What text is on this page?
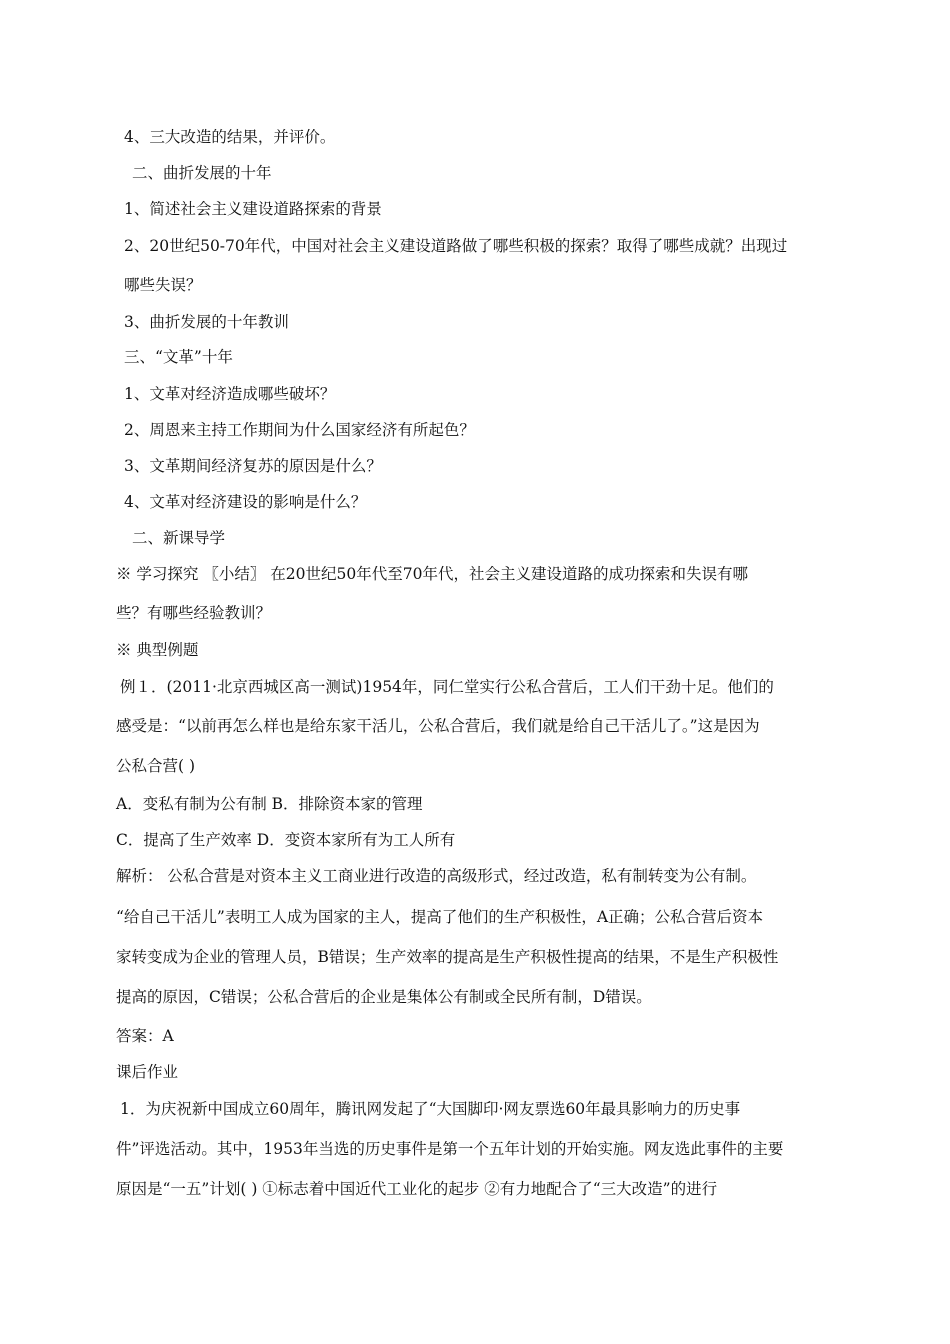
4、三大改造的结果，并评价。
二、曲折发展的十年
1、简述社会主义建设道路探索的背景
2、20世纪50-70年代，中国对社会主义建设道路做了哪些积极的探索？取得了哪些成就？出现过
哪些失误？
3、曲折发展的十年教训
三、“文革”十年
1、文革对经济造成哪些破坏？
2、周恩来主持工作期间为什么国家经济有所起色？
3、文革期间经济复苏的原因是什么？
4、文革对经济建设的影响是什么？
二、新课导学
※ 学习探究 〖小结〗 在20世纪50年代至70年代，社会主义建设道路的成功探索和失误有哪
些？有哪些经验教训？
※ 典型例题
例１．(2011·北京西城区高一测试)1954年，同仁堂实行公私合营后，工人们干劲十足。他们的
感受是：“以前再怎么样也是给东家干活儿，公私合营后，我们就是给自己干活儿了。”这是因为
公私合营( )
A．变私有制为公有制 B．排除资本家的管理
C．提高了生产效率 D．变资本家所有为工人所有
解析： 公私合营是对资本主义工商业进行改造的高级形式，经过改造，私有制转变为公有制。
“给自己干活儿”表明工人成为国家的主人，提高了他们的生产积极性，A正确；公私合营后资本
家转变成为企业的管理人员，B错误；生产效率的提高是生产积极性提高的结果，不是生产积极性
提高的原因，C错误；公私合营后的企业是集体公有制或全民所有制，D错误。
答案：A
课后作业
1．为庆祝新中国成立60周年，腾讯网发起了“大国脚印·网友票选60年最具影响力的历史事
件”评选活动。其中，1953年当选的历史事件是第一个五年计划的开始实施。网友选此事件的主要
原因是“一五”计划( ) ①标志着中国近代工业化的起步 ②有力地配合了“三大改造”的进行
